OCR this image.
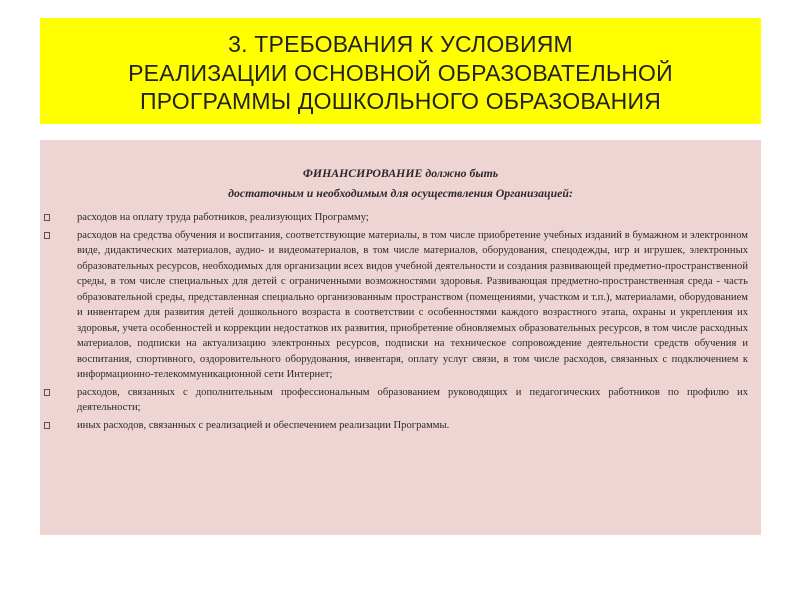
3. ТРЕБОВАНИЯ К УСЛОВИЯМ
РЕАЛИЗАЦИИ ОСНОВНОЙ ОБРАЗОВАТЕЛЬНОЙ
ПРОГРАММЫ ДОШКОЛЬНОГО ОБРАЗОВАНИЯ
ФИНАНСИРОВАНИЕ должно быть
достаточным и необходимым для осуществления Организацией:
расходов на оплату труда работников, реализующих Программу;
расходов на средства обучения и воспитания, соответствующие материалы, в том числе приобретение учебных изданий в бумажном и электронном виде, дидактических материалов, аудио- и видеоматериалов, в том числе материалов, оборудования, спецодежды, игр и игрушек, электронных образовательных ресурсов, необходимых для организации всех видов учебной деятельности и создания развивающей предметно-пространственной среды, в том числе специальных для детей с ограниченными возможностями здоровья. Развивающая предметно-пространственная среда - часть образовательной среды, представленная специально организованным пространством (помещениями, участком и т.п.), материалами, оборудованием и инвентарем для развития детей дошкольного возраста в соответствии с особенностями каждого возрастного этапа, охраны и укрепления их здоровья, учета особенностей и коррекции недостатков их развития, приобретение обновляемых образовательных ресурсов, в том числе расходных материалов, подписки на актуализацию электронных ресурсов, подписки на техническое сопровождение деятельности средств обучения и воспитания, спортивного, оздоровительного оборудования, инвентаря, оплату услуг связи, в том числе расходов, связанных с подключением к информационно-телекоммуникационной сети Интернет;
расходов, связанных с дополнительным профессиональным образованием руководящих и педагогических работников по профилю их деятельности;
иных расходов, связанных с реализацией и обеспечением реализации Программы.
